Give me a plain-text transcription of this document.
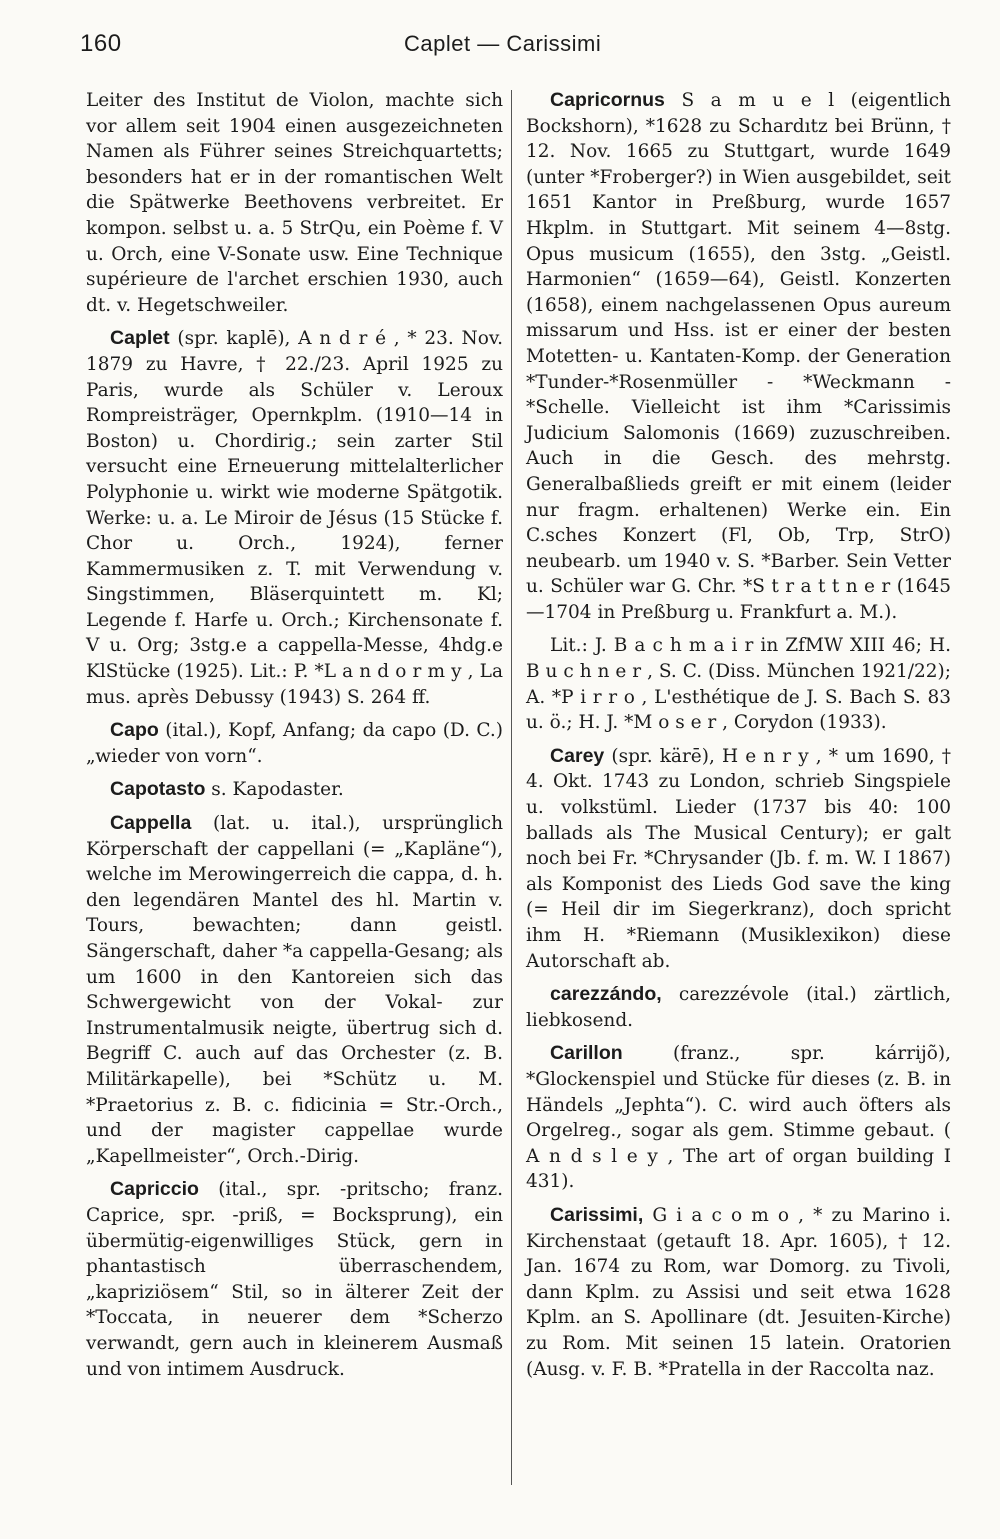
160	Caplet — Carissimi

Leiter des Institut de Violon, machte sich vor allem seit 1904 einen ausgezeichneten Namen als Führer seines Streichquartetts; besonders hat er in der romantischen Welt die Spätwerke Beethovens verbreitet. Er kompon. selbst u. a. 5 StrQu, ein Poème f. V u. Orch, eine V-Sonate usw. Eine Technique supérieure de l'archet erschien 1930, auch dt. v. Hegetschweiler.

Caplet (spr. kaplē), A n d r é , * 23. Nov. 1879 zu Havre, † 22./23. April 1925 zu Paris, wurde als Schüler v. Leroux Rompreisträger, Opernkplm. (1910—14 in Boston) u. Chordirig.; sein zarter Stil versucht eine Erneuerung mittelalterlicher Polyphonie u. wirkt wie moderne Spätgotik. Werke: u. a. Le Miroir de Jésus (15 Stücke f. Chor u. Orch., 1924), ferner Kammermusiken z. T. mit Verwendung v. Singstimmen, Bläserquintett m. Kl; Legende f. Harfe u. Orch.; Kirchensonate f. V u. Org; 3stg.e a cappella-Messe, 4hdg.e KlStücke (1925). Lit.: P. *L a n d o r m y , La mus. après Debussy (1943) S. 264 ff.

Capo (ital.), Kopf, Anfang; da capo (D. C.) „wieder von vorn“.

Capotasto s. Kapodaster.

Cappella (lat. u. ital.), ursprünglich Körperschaft der cappellani (= „Kapläne“), welche im Merowingerreich die cappa, d. h. den legendären Mantel des hl. Martin v. Tours, bewachten; dann geistl. Sängerschaft, daher *a cappella-Gesang; als um 1600 in den Kantoreien sich das Schwergewicht von der Vokal- zur Instrumentalmusik neigte, übertrug sich d. Begriff C. auch auf das Orchester (z. B. Militärkapelle), bei *Schütz u. M. *Praetorius z. B. c. fidicinia = Str.-Orch., und der magister cappellae wurde „Kapellmeister“, Orch.-Dirig.

Capriccio (ital., spr. -pritscho; franz. Caprice, spr. -priß, = Bocksprung), ein übermütig-eigenwilliges Stück, gern in phantastisch überraschendem, „kapriziösem“ Stil, so in älterer Zeit der *Toccata, in neuerer dem *Scherzo verwandt, gern auch in kleinerem Ausmaß und von intimem Ausdruck.

Capricornus S a m u e l (eigentlich Bockshorn), *1628 zu Schardıtz bei Brünn, † 12. Nov. 1665 zu Stuttgart, wurde 1649 (unter *Froberger?) in Wien ausgebildet, seit 1651 Kantor in Preßburg, wurde 1657 Hkplm. in Stuttgart. Mit seinem 4—8stg. Opus musicum (1655), den 3stg. „Geistl. Harmonien“ (1659—64), Geistl. Konzerten (1658), einem nachgelassenen Opus aureum missarum und Hss. ist er einer der besten Motetten- u. Kantaten-Komp. der Generation *Tunder-*Rosenmüller - *Weckmann - *Schelle. Vielleicht ist ihm *Carissimis Judicium Salomonis (1669) zuzuschreiben. Auch in die Gesch. des mehrstg. Generalbaßlieds greift er mit einem (leider nur fragm. erhaltenen) Werke ein. Ein C.sches Konzert (Fl, Ob, Trp, StrO) neubearb. um 1940 v. S. *Barber. Sein Vetter u. Schüler war G. Chr. *S t r a t t n e r (1645—1704 in Preßburg u. Frankfurt a. M.).

Lit.: J. B a c h m a i r in ZfMW XIII 46; H. B u c h n e r , S. C. (Diss. München 1921/22); A. *P i r r o , L'esthétique de J. S. Bach S. 83 u. ö.; H. J. *M o s e r , Corydon (1933).

Carey (spr. kärē), H e n r y , * um 1690, † 4. Okt. 1743 zu London, schrieb Singspiele u. volkstüml. Lieder (1737 bis 40: 100 ballads als The Musical Century); er galt noch bei Fr. *Chrysander (Jb. f. m. W. I 1867) als Komponist des Lieds God save the king (= Heil dir im Siegerkranz), doch spricht ihm H. *Riemann (Musiklexikon) diese Autorschaft ab.

carezzándo, carezzévole (ital.) zärtlich, liebkosend.

Carillon	(franz., spr. kárrijõ), *Glockenspiel und Stücke für dieses (z. B. in Händels „Jephta“). C. wird auch öfters als Orgelreg., sogar als gem. Stimme gebaut. ( A n d s l e y , The art of organ building I 431).

Carissimi, G i a c o m o , * zu Marino i. Kirchenstaat (getauft 18. Apr. 1605), † 12. Jan. 1674 zu Rom, war Domorg. zu Tivoli, dann Kplm. zu Assisi und seit etwa 1628 Kplm. an S. Apollinare (dt. Jesuiten-Kirche) zu Rom. Mit seinen 15 latein. Oratorien (Ausg. v. F. B. *Pratella in der Raccolta naz.
